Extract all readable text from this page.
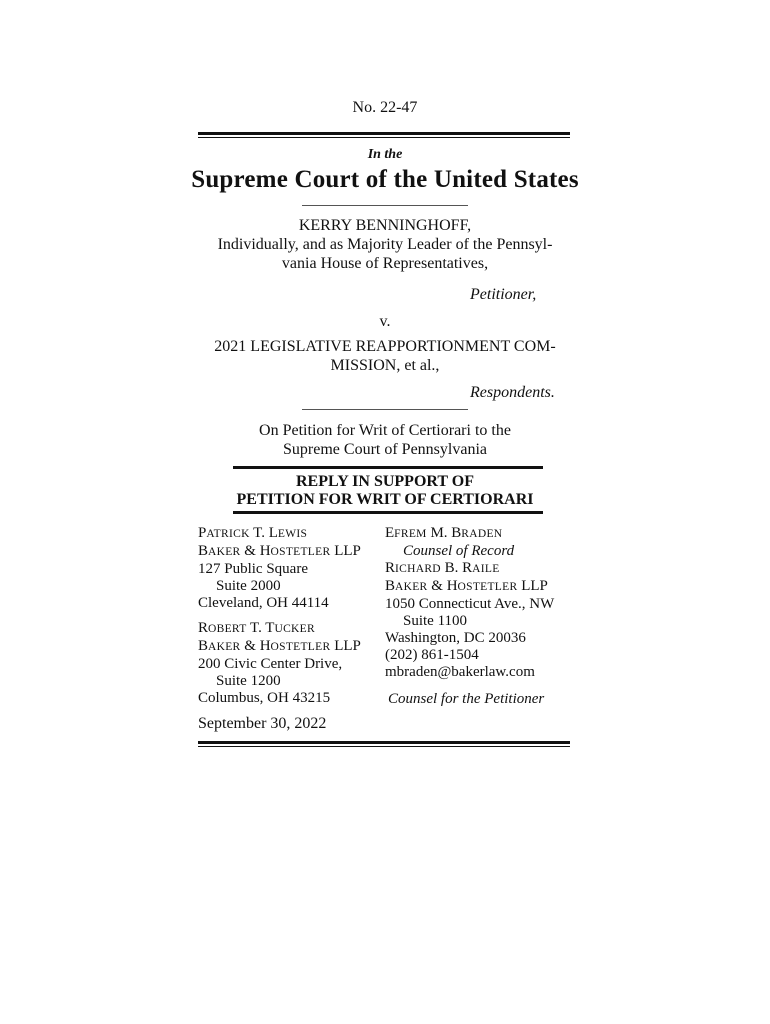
No. 22-47
In the
Supreme Court of the United States
KERRY BENNINGHOFF,
Individually, and as Majority Leader of the Pennsyl-
vania House of Representatives,
Petitioner,
v.
2021 LEGISLATIVE REAPPORTIONMENT COM-
MISSION, et al.,
Respondents.
On Petition for Writ of Certiorari to the
Supreme Court of Pennsylvania
REPLY IN SUPPORT OF
PETITION FOR WRIT OF CERTIORARI
PATRICK T. LEWIS
BAKER & HOSTETLER LLP
127 Public Square
Suite 2000
Cleveland, OH 44114
ROBERT T. TUCKER
BAKER & HOSTETLER LLP
200 Civic Center Drive,
Suite 1200
Columbus, OH 43215
September 30, 2022
EFREM M. BRADEN
Counsel of Record
RICHARD B. RAILE
BAKER & HOSTETLER LLP
1050 Connecticut Ave., NW
Suite 1100
Washington, DC 20036
(202) 861-1504
mbraden@bakerlaw.com
Counsel for the Petitioner
